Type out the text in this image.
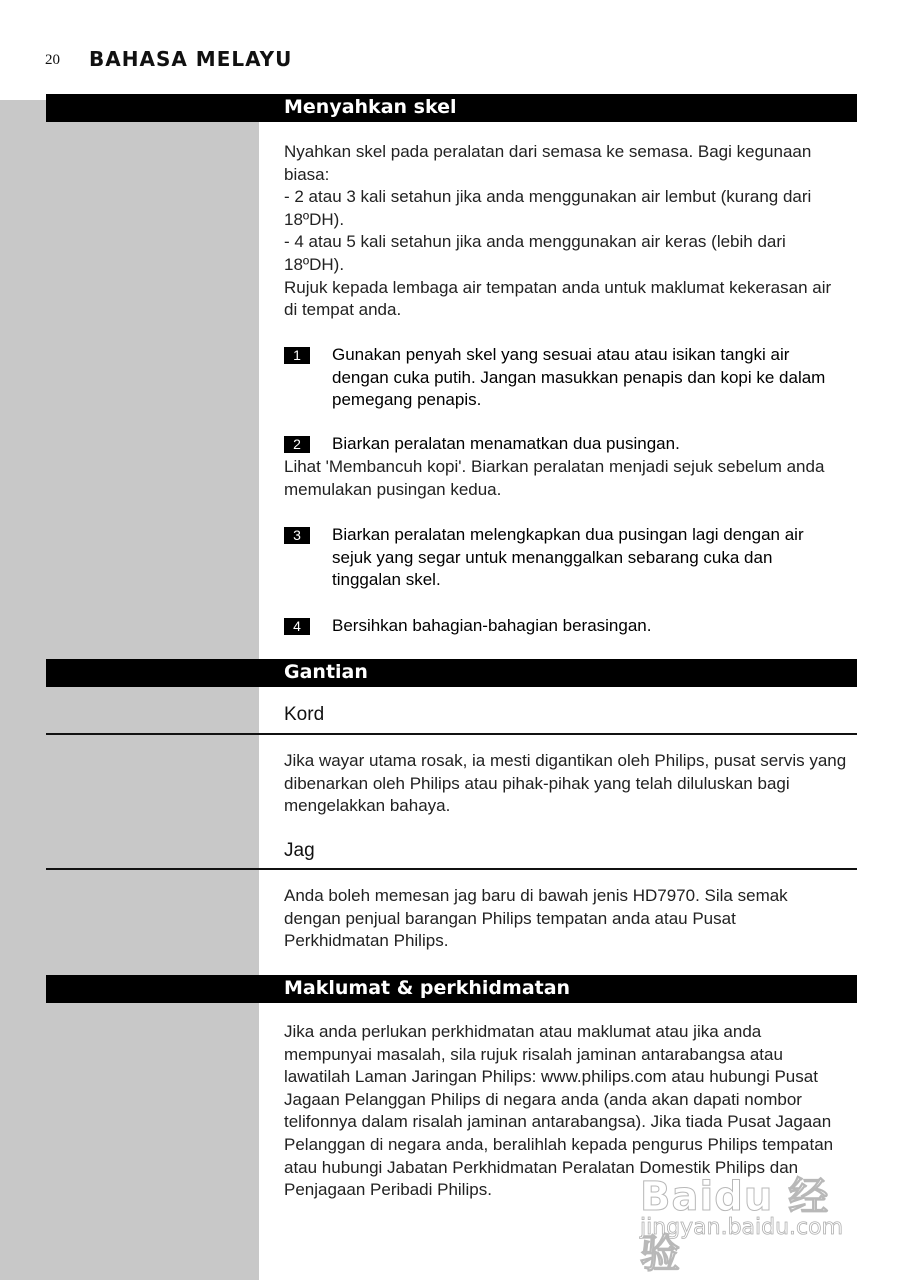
20 BAHASA MELAYU
Menyahkan skel
Nyahkan skel pada peralatan dari semasa ke semasa. Bagi kegunaan
biasa:
- 2 atau 3 kali setahun jika anda menggunakan air lembut (kurang dari
18ºDH).
- 4 atau 5 kali setahun jika anda menggunakan air keras (lebih dari
18ºDH).
Rujuk kepada lembaga air tempatan anda untuk maklumat kekerasan air
di tempat anda.
1	Gunakan penyah skel yang sesuai atau atau isikan tangki air
dengan cuka putih. Jangan masukkan penapis dan kopi ke dalam
pemegang penapis.
2	Biarkan peralatan menamatkan dua pusingan.
Lihat 'Membancuh kopi'. Biarkan peralatan menjadi sejuk sebelum anda
memulakan pusingan kedua.
3	Biarkan peralatan melengkapkan dua pusingan lagi dengan air
sejuk yang segar untuk menanggalkan sebarang cuka dan
tinggalan skel.
4	Bersihkan bahagian-bahagian berasingan.
Gantian
Kord
Jika wayar utama rosak, ia mesti digantikan oleh Philips, pusat servis yang
dibenarkan oleh Philips atau pihak-pihak yang telah diluluskan bagi
mengelakkan bahaya.
Jag
Anda boleh memesan jag baru di bawah jenis HD7970. Sila semak
dengan penjual barangan Philips tempatan anda atau Pusat
Perkhidmatan Philips.
Maklumat & perkhidmatan
Jika anda perlukan perkhidmatan atau maklumat atau jika anda
mempunyai masalah, sila rujuk risalah jaminan antarabangsa atau
lawatilah Laman Jaringan Philips: www.philips.com atau hubungi Pusat
Jagaan Pelanggan Philips di negara anda (anda akan dapati nombor
telifonnya dalam risalah jaminan antarabangsa). Jika tiada Pusat Jagaan
Pelanggan di negara anda, beralihlah kepada pengurus Philips tempatan
atau hubungi Jabatan Perkhidmatan Peralatan Domestik Philips dan
Penjagaan Peribadi Philips.	Baidu 经验
jingyan.baidu.com
